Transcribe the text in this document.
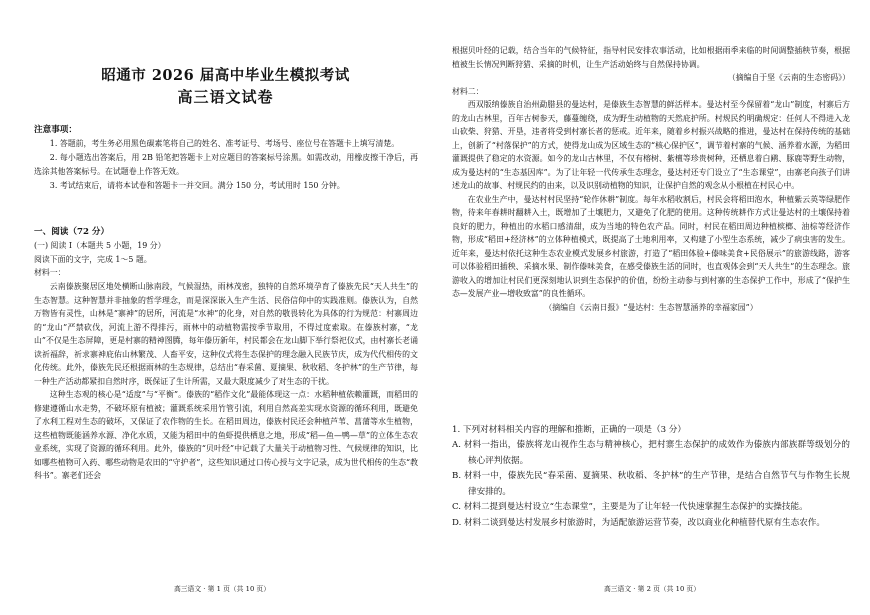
昭通市 2026 届高中毕业生模拟考试
高三语文试卷
注意事项：

1. 答题前，考生务必用黑色碳素笔将自己的姓名、准考证号、考场号、座位号在答题卡上填写清楚。

2. 每小题选出答案后，用 2B 铅笔把答题卡上对应题目的答案标号涂黑。如需改动，用橡皮擦干净后，再选涂其他答案标号。在试题卷上作答无效。

3. 考试结束后，请将本试卷和答题卡一并交回。满分 150 分，考试用时 150 分钟。

一、阅读（72 分）

(一) 阅读 I（本题共 5 小题，19 分）

阅读下面的文字，完成 1～5 题。

材料一：

云南傣族聚居区地处横断山脉南段，气候湿热，雨林茂密，独特的自然环境孕育了傣族先民“天人共生”的生态智慧。这种智慧并非抽象的哲学理念，而是深深嵌入生产生活、民俗信仰中的实践准则。傣族认为，自然万物皆有灵性，山林是“寨神”的居所，河流是“水神”的化身，对自然的敬畏转化为具体的行为规范：村寨周边的“龙山”严禁砍伐，河流上游不得排污，雨林中的动植物需按季节取用，不得过度索取。在傣族村寨，“龙山”不仅是生态屏障，更是村寨的精神图腾，每年傣历新年，村民都会在龙山脚下举行祭祀仪式，由村寨长老诵读祈福辞，祈求寨神庇佑山林繁茂、人畜平安，这种仪式将生态保护的理念融入民族节庆，成为代代相传的文化传统。此外，傣族先民还根据雨林的生态规律，总结出“春采菌、夏摘果、秋收稻、冬护林”的生产节律，每一种生产活动都紧扣自然时序，既保证了生计所需，又最大限度减少了对生态的干扰。

这种生态观的核心是“适度”与“平衡”。傣族的“稻作文化”最能体现这一点：水稻种植依赖灌溉，而稻田的修建遵循山水走势，不破坏原有植被；灌溉系统采用竹管引流，利用自然高差实现水资源的循环利用，既避免了水利工程对生态的破坏，又保证了农作物的生长。在稻田周边，傣族村民还会种植芦苇、菖蒲等水生植物，这些植物既能涵养水源、净化水质，又能为稻田中的鱼虾提供栖息之地，形成“稻—鱼—鸭—草”的立体生态农业系统，实现了资源的循环利用。此外，傣族的“贝叶经”中记载了大量关于动植物习性、气候规律的知识，比如哪些植物可入药、哪些动物是农田的“守护者”，这些知识通过口传心授与文字记录，成为世代相传的生态“教科书”。寨老们还会

高三语文 · 第 1 页（共 10 页）

根据贝叶经的记载，结合当年的气候特征，指导村民安排农事活动，比如根据雨季来临的时间调整插秧节奏，根据植被生长情况判断狩猎、采摘的时机，让生产活动始终与自然保持协调。

（摘编自于坚《云南的生态密码》）

材料二：

西双版纳傣族自治州勐腊县的曼达村，是傣族生态智慧的鲜活样本。曼达村至今保留着“龙山”制度，村寨后方的龙山古林里，百年古树参天，藤蔓缠绕，成为野生动植物的天然庇护所。村规民约明确规定：任何人不得进入龙山砍柴、狩猎、开垦，违者将受到村寨长者的惩戒。近年来，随着乡村振兴战略的推进，曼达村在保持传统的基础上，创新了“村落保护”的方式，使得龙山成为区域生态的“核心保护区”，调节着村寨的气候、涵养着水源，为稻田灌溉提供了稳定的水资源。如今的龙山古林里，不仅有榕树、紫檀等珍贵树种，还栖息着白鹇、豚鹿等野生动物，成为曼达村的“生态基因库”。为了让年轻一代传承生态理念，曼达村还专门设立了“生态课堂”，由寨老向孩子们讲述龙山的故事、村规民约的由来，以及识别动植物的知识，让保护自然的观念从小根植在村民心中。

在农业生产中，曼达村村民坚持“轮作休耕”制度。每年水稻收割后，村民会将稻田泡水，种植紫云英等绿肥作物，待来年春耕时翻耕入土，既增加了土壤肥力，又避免了化肥的使用。这种传统耕作方式让曼达村的土壤保持着良好的肥力，种植出的水稻口感清甜，成为当地的特色农产品。同时，村民在稻田周边种植槟榔、油棕等经济作物，形成“稻田+经济林”的立体种植模式，既提高了土地利用率，又构建了小型生态系统，减少了病虫害的发生。近年来，曼达村依托这种生态农业模式发展乡村旅游，打造了“稻田体验+傣味美食+民俗展示”的旅游线路，游客可以体验稻田插秧、采摘水果、制作傣味美食，在感受傣族生活的同时，也直观体会到“天人共生”的生态理念。旅游收入的增加让村民们更深刻地认识到生态保护的价值，纷纷主动参与到村寨的生态保护工作中，形成了“保护生态—发展产业—增收致富”的良性循环。

（摘编自《云南日报》“曼达村：生态智慧涵养的幸福家园”）

1. 下列对材料相关内容的理解和推断，正确的一项是（3 分）

A. 材料一指出，傣族将龙山视作生态与精神核心，把村寨生态保护的成效作为傣族内部族群等级划分的核心评判依据。

B. 材料一中，傣族先民“春采菌、夏摘果、秋收稻、冬护林”的生产节律，是结合自然节气与作物生长规律安排的。

C. 材料二提到曼达村设立“生态课堂”，主要是为了让年轻一代快速掌握生态保护的实操技能。

D. 材料二谈到曼达村发展乡村旅游时，为适配旅游运营节奏，改以商业化种植替代原有生态农作。

高三语文 · 第 2 页（共 10 页）
